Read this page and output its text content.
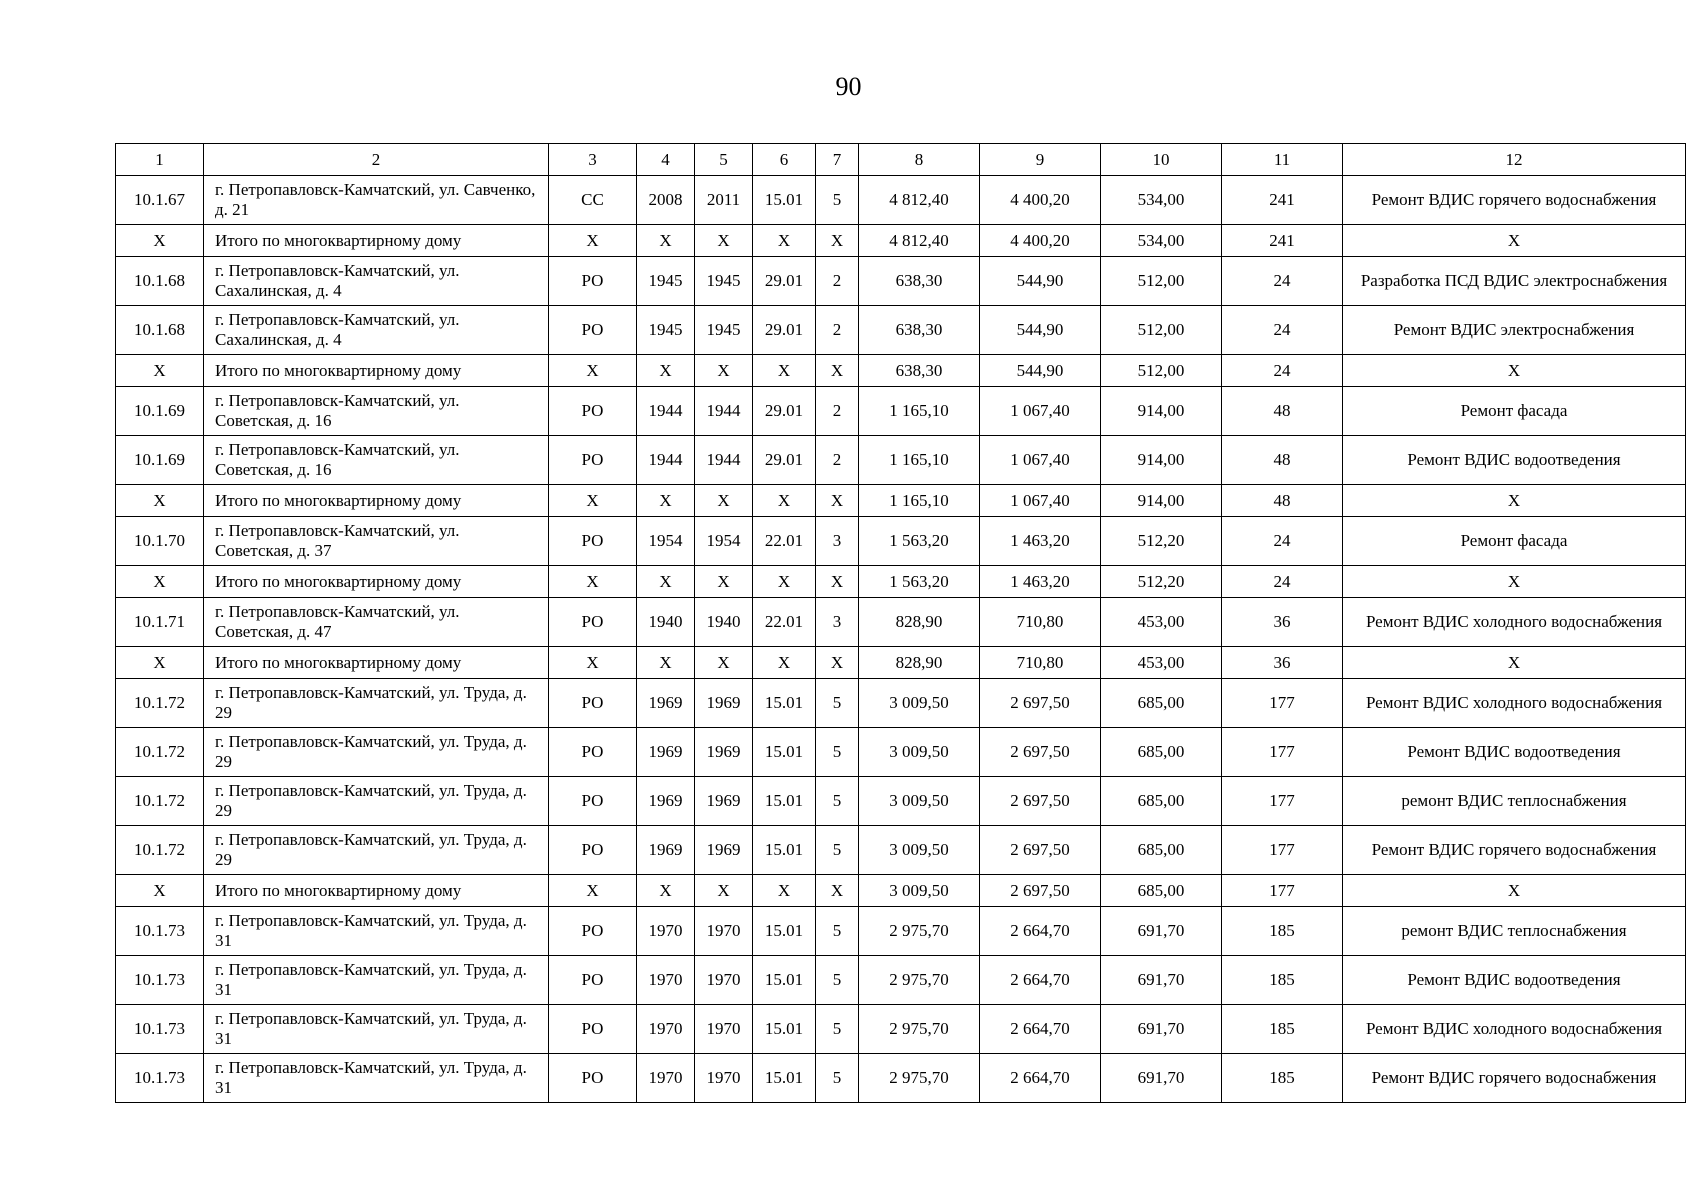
90
1	2	3	4	5	6	7	8	9	10	11	12
10.1.67	г. Петропавловск-Камчатский, ул. Савченко, д. 21	СС	2008	2011	15.01	5	4 812,40	4 400,20	534,00	241	Ремонт ВДИС горячего водоснабжения
X	Итого по многоквартирному дому	X	X	X	X	X	4 812,40	4 400,20	534,00	241	X
10.1.68	г. Петропавловск-Камчатский, ул. Сахалинская, д. 4	РО	1945	1945	29.01	2	638,30	544,90	512,00	24	Разработка ПСД ВДИС электроснабжения
10.1.68	г. Петропавловск-Камчатский, ул. Сахалинская, д. 4	РО	1945	1945	29.01	2	638,30	544,90	512,00	24	Ремонт ВДИС электроснабжения
X	Итого по многоквартирному дому	X	X	X	X	X	638,30	544,90	512,00	24	X
10.1.69	г. Петропавловск-Камчатский, ул. Советская, д. 16	РО	1944	1944	29.01	2	1 165,10	1 067,40	914,00	48	Ремонт фасада
10.1.69	г. Петропавловск-Камчатский, ул. Советская, д. 16	РО	1944	1944	29.01	2	1 165,10	1 067,40	914,00	48	Ремонт ВДИС водоотведения
X	Итого по многоквартирному дому	X	X	X	X	X	1 165,10	1 067,40	914,00	48	X
10.1.70	г. Петропавловск-Камчатский, ул. Советская, д. 37	РО	1954	1954	22.01	3	1 563,20	1 463,20	512,20	24	Ремонт фасада
X	Итого по многоквартирному дому	X	X	X	X	X	1 563,20	1 463,20	512,20	24	X
10.1.71	г. Петропавловск-Камчатский, ул. Советская, д. 47	РО	1940	1940	22.01	3	828,90	710,80	453,00	36	Ремонт ВДИС холодного водоснабжения
X	Итого по многоквартирному дому	X	X	X	X	X	828,90	710,80	453,00	36	X
10.1.72	г. Петропавловск-Камчатский, ул. Труда, д. 29	РО	1969	1969	15.01	5	3 009,50	2 697,50	685,00	177	Ремонт ВДИС холодного водоснабжения
10.1.72	г. Петропавловск-Камчатский, ул. Труда, д. 29	РО	1969	1969	15.01	5	3 009,50	2 697,50	685,00	177	Ремонт ВДИС водоотведения
10.1.72	г. Петропавловск-Камчатский, ул. Труда, д. 29	РО	1969	1969	15.01	5	3 009,50	2 697,50	685,00	177	ремонт ВДИС теплоснабжения
10.1.72	г. Петропавловск-Камчатский, ул. Труда, д. 29	РО	1969	1969	15.01	5	3 009,50	2 697,50	685,00	177	Ремонт ВДИС горячего водоснабжения
X	Итого по многоквартирному дому	X	X	X	X	X	3 009,50	2 697,50	685,00	177	X
10.1.73	г. Петропавловск-Камчатский, ул. Труда, д. 31	РО	1970	1970	15.01	5	2 975,70	2 664,70	691,70	185	ремонт ВДИС теплоснабжения
10.1.73	г. Петропавловск-Камчатский, ул. Труда, д. 31	РО	1970	1970	15.01	5	2 975,70	2 664,70	691,70	185	Ремонт ВДИС водоотведения
10.1.73	г. Петропавловск-Камчатский, ул. Труда, д. 31	РО	1970	1970	15.01	5	2 975,70	2 664,70	691,70	185	Ремонт ВДИС холодного водоснабжения
10.1.73	г. Петропавловск-Камчатский, ул. Труда, д. 31	РО	1970	1970	15.01	5	2 975,70	2 664,70	691,70	185	Ремонт ВДИС горячего водоснабжения
